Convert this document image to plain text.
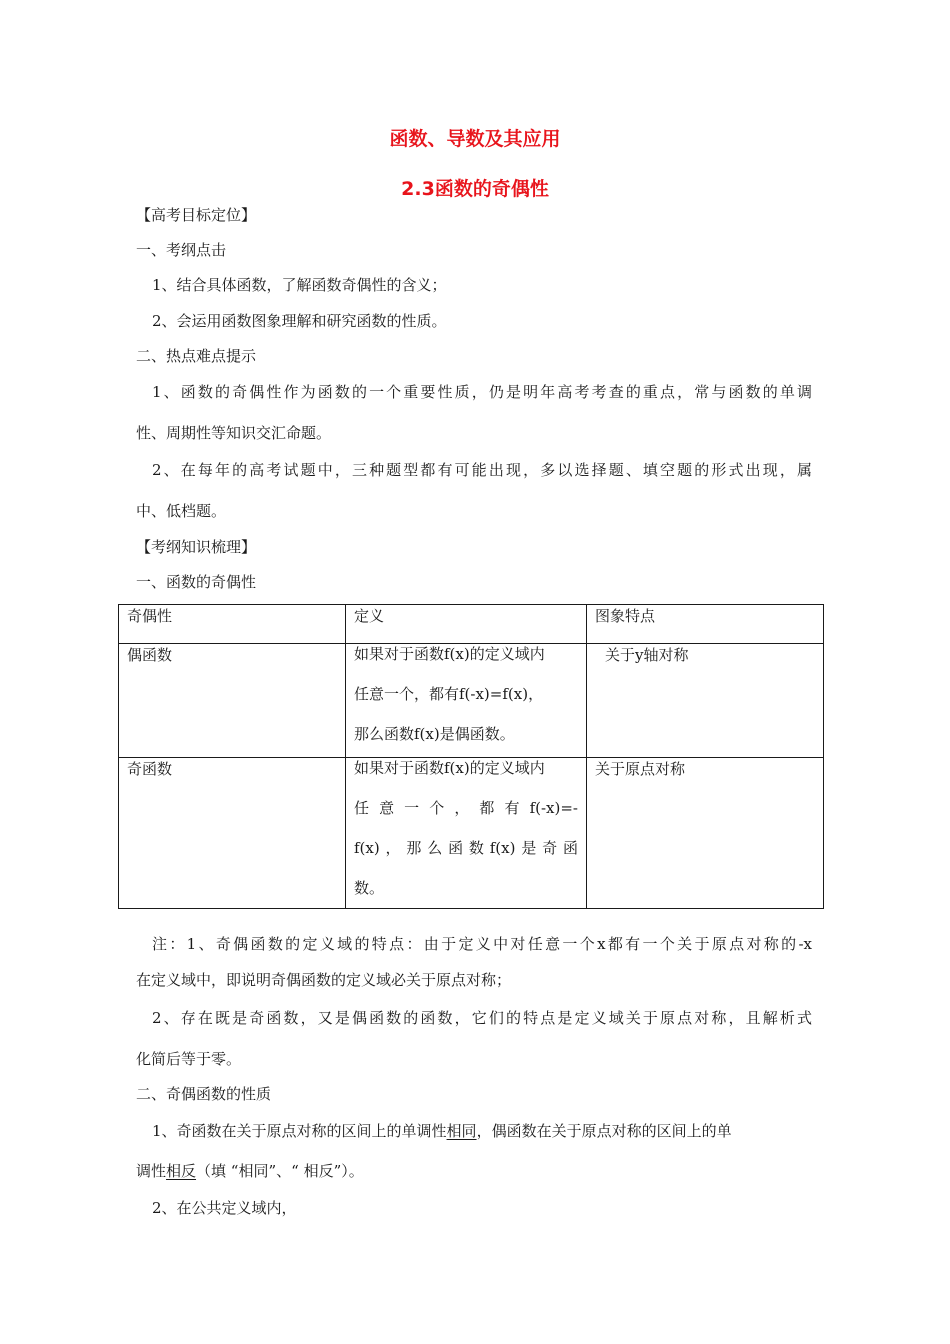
函数、导数及其应用
2.3函数的奇偶性
【高考目标定位】
一、考纲点击
1、结合具体函数，了解函数奇偶性的含义；
2、会运用函数图象理解和研究函数的性质。
二、热点难点提示
1、函数的奇偶性作为函数的一个重要性质，仍是明年高考考查的重点，常与函数的单调
性、周期性等知识交汇命题。
2、在每年的高考试题中，三种题型都有可能出现，多以选择题、填空题的形式出现，属
中、低档题。
【考纲知识梳理】
一、函数的奇偶性
奇偶性	定义	图象特点
偶函数	如果对于函数f(x)的定义域内
任意一个，都有f(-x)=f(x)，
那么函数f(x)是偶函数。	关于y轴对称
奇函数	如果对于函数f(x)的定义域内
任意一个，都有f(-x)=-
f(x)，那么函数f(x)是奇函
数。	关于原点对称
注：1、奇偶函数的定义域的特点：由于定义中对任意一个x都有一个关于原点对称的-x
在定义域中，即说明奇偶函数的定义域必关于原点对称；
2、存在既是奇函数，又是偶函数的函数，它们的特点是定义域关于原点对称，且解析式
化简后等于零。
二、奇偶函数的性质
1、奇函数在关于原点对称的区间上的单调性相同，偶函数在关于原点对称的区间上的单
调性相反（填 “相同”、“ 相反”）。
2、在公共定义域内，
